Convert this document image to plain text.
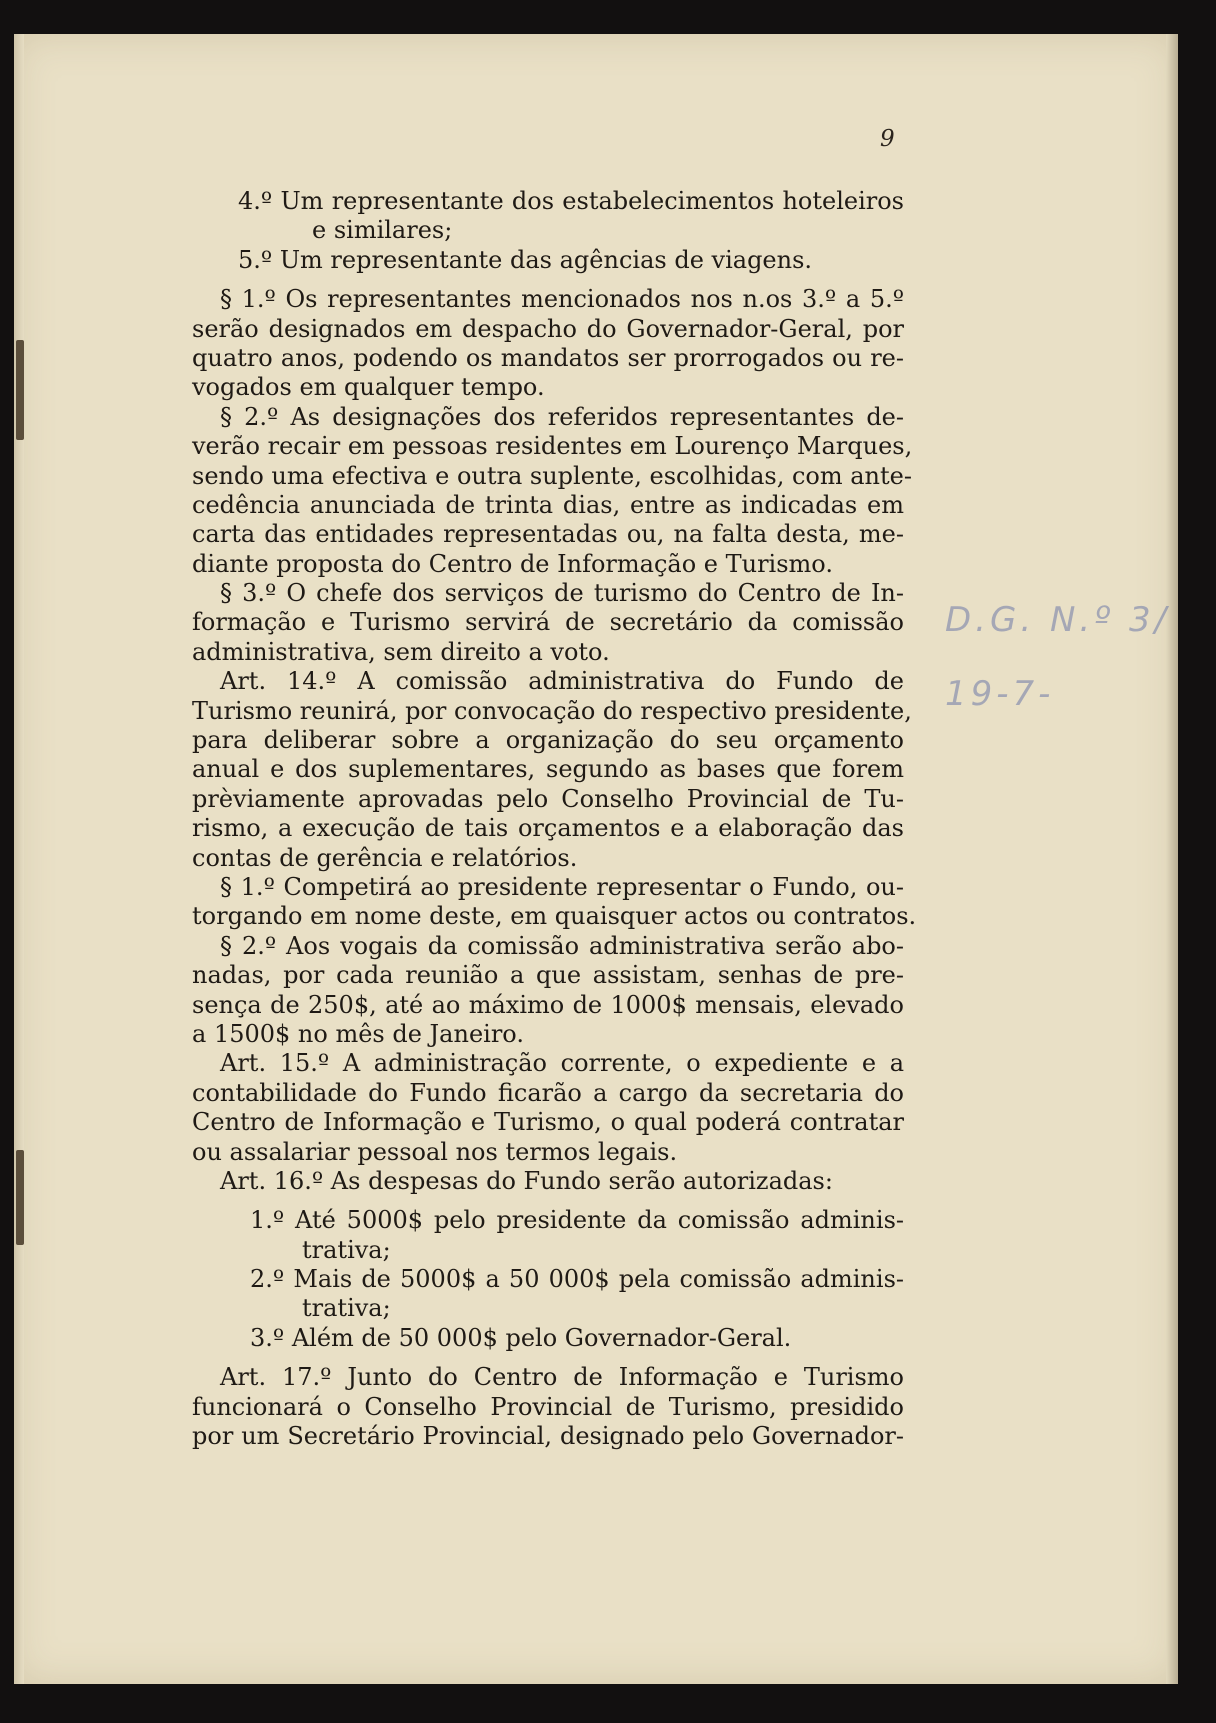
9
4.º Um representante dos estabelecimentos hoteleiros
e similares;
5.º Um representante das agências de viagens.
§ 1.º Os representantes mencionados nos n.os 3.º a 5.º
serão designados em despacho do Governador-Geral, por
quatro anos, podendo os mandatos ser prorrogados ou re-
vogados em qualquer tempo.
§ 2.º As designações dos referidos representantes de-
verão recair em pessoas residentes em Lourenço Marques,
sendo uma efectiva e outra suplente, escolhidas, com ante-
cedência anunciada de trinta dias, entre as indicadas em
carta das entidades representadas ou, na falta desta, me-
diante proposta do Centro de Informação e Turismo.
§ 3.º O chefe dos serviços de turismo do Centro de In-
formação e Turismo servirá de secretário da comissão
administrativa, sem direito a voto.
Art. 14.º A comissão administrativa do Fundo de
Turismo reunirá, por convocação do respectivo presidente,
para deliberar sobre a organização do seu orçamento
anual e dos suplementares, segundo as bases que forem
prèviamente aprovadas pelo Conselho Provincial de Tu-
rismo, a execução de tais orçamentos e a elaboração das
contas de gerência e relatórios.
§ 1.º Competirá ao presidente representar o Fundo, ou-
torgando em nome deste, em quaisquer actos ou contratos.
§ 2.º Aos vogais da comissão administrativa serão abo-
nadas, por cada reunião a que assistam, senhas de pre-
sença de 250$, até ao máximo de 1000$ mensais, elevado
a 1500$ no mês de Janeiro.
Art. 15.º A administração corrente, o expediente e a
contabilidade do Fundo ficarão a cargo da secretaria do
Centro de Informação e Turismo, o qual poderá contratar
ou assalariar pessoal nos termos legais.
Art. 16.º As despesas do Fundo serão autorizadas:
1.º Até 5000$ pelo presidente da comissão adminis-
trativa;
2.º Mais de 5000$ a 50 000$ pela comissão adminis-
trativa;
3.º Além de 50 000$ pelo Governador-Geral.
Art. 17.º Junto do Centro de Informação e Turismo
funcionará o Conselho Provincial de Turismo, presidido
por um Secretário Provincial, designado pelo Governador-
D.G. N.º 3/
19-7-
